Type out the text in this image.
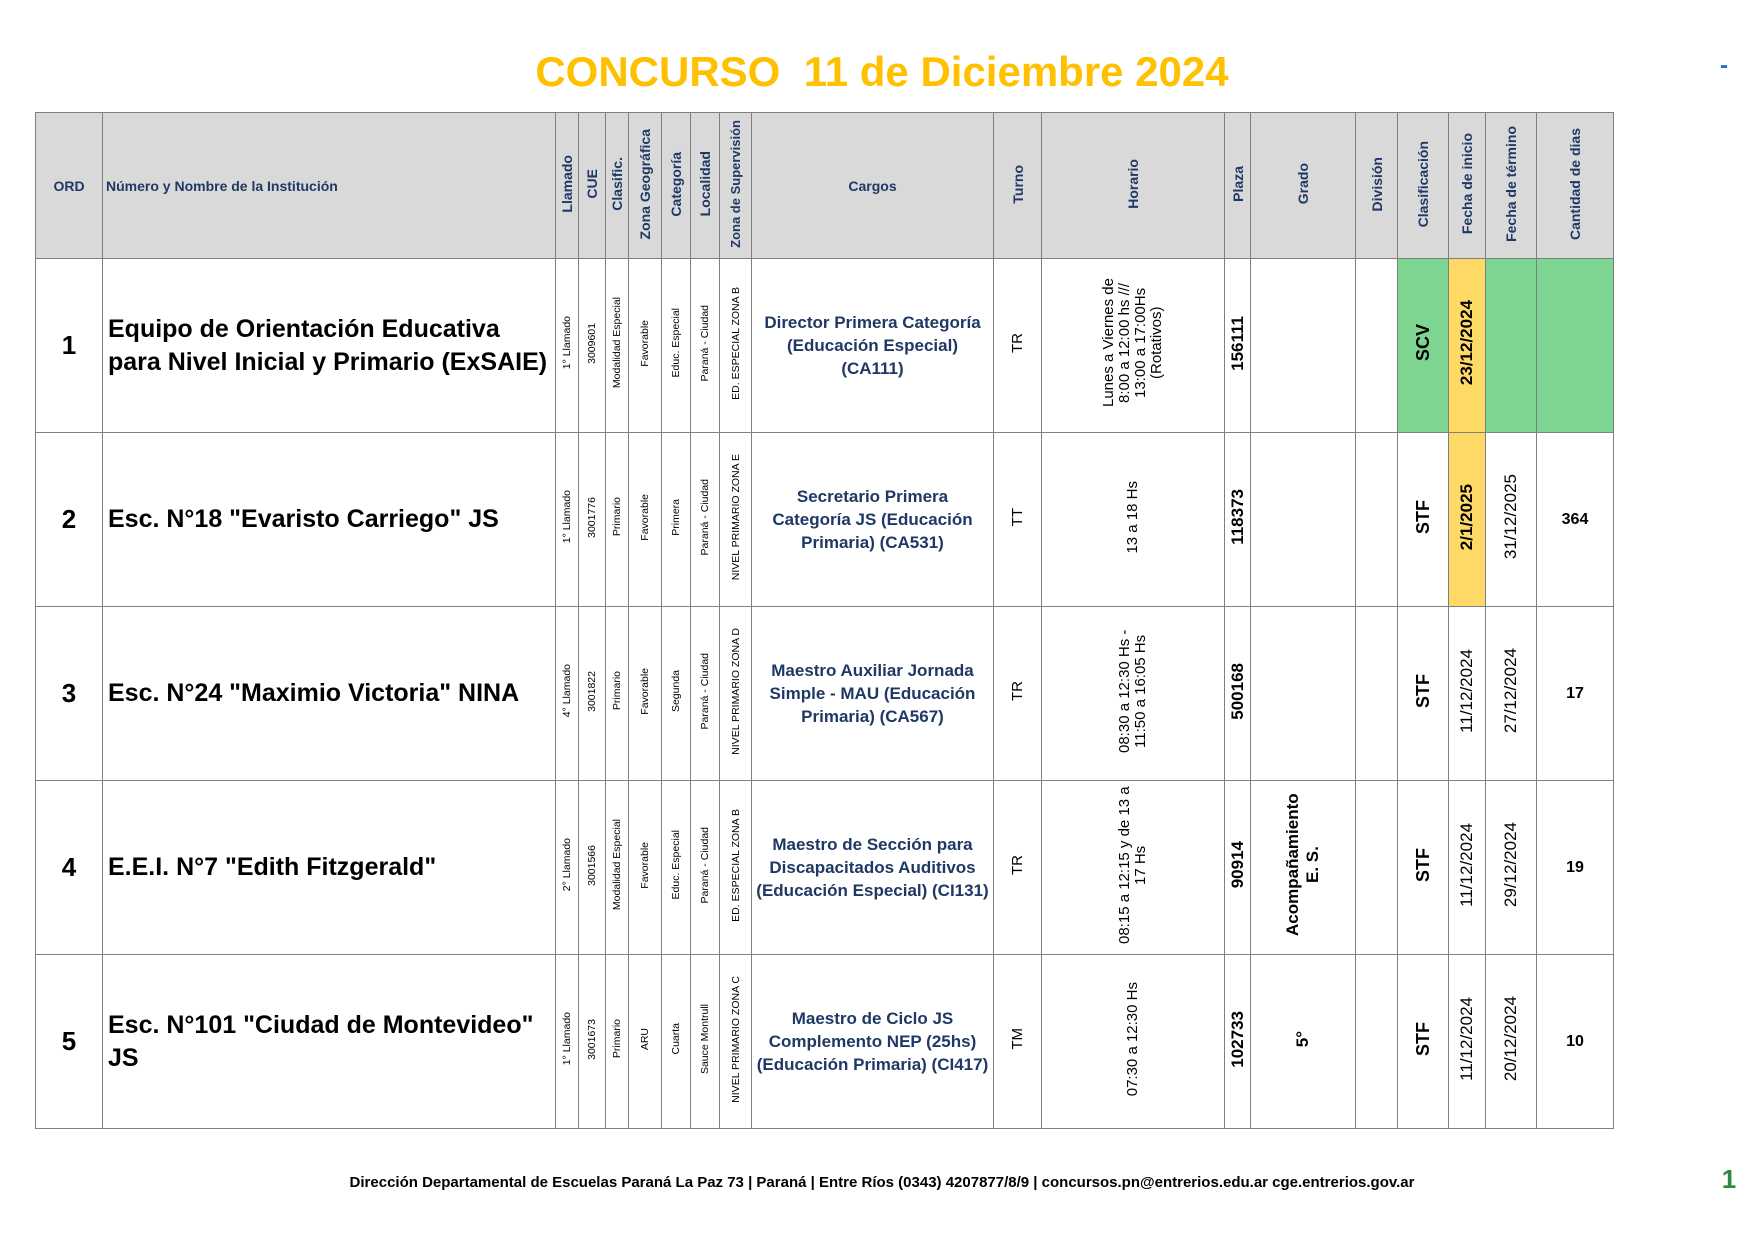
CONCURSO  11 de Diciembre 2024	-
ORD	Número y Nombre de la Institución	Llamado	CUE	Clasific.	Zona Geográfica	Categoría	Localidad	Zona de Supervisión	Cargos	Turno	Horario	Plaza	Grado	División	Clasificación	Fecha de inicio	Fecha de término	Cantidad de dias
1	Equipo de Orientación Educativa para Nivel Inicial y Primario (ExSAIE)	1° Llamado	3009601	Modalidad Especial	Favorable	Educ. Especial	Paraná - Ciudad	ED. ESPECIAL ZONA B	Director Primera Categoría (Educación Especial) (CA111)	TR	Lunes a Viernes de 8:00 a 12:00 hs /// 13:00 a 17:00Hs (Rotativos)	156111			SCV	23/12/2024		
2	Esc. N°18 "Evaristo Carriego" JS	1° Llamado	3001776	Primario	Favorable	Primera	Paraná - Ciudad	NIVEL PRIMARIO ZONA E	Secretario Primera Categoría JS (Educación Primaria) (CA531)	TT	13 a 18 Hs	118373			STF	2/1/2025	31/12/2025	364
3	Esc. N°24 "Maximio Victoria" NINA	4° Llamado	3001822	Primario	Favorable	Segunda	Paraná - Ciudad	NIVEL PRIMARIO ZONA D	Maestro Auxiliar Jornada Simple - MAU (Educación Primaria) (CA567)	TR	08:30 a 12:30 Hs - 11:50 a 16:05 Hs	500168			STF	11/12/2024	27/12/2024	17
4	E.E.I. N°7 "Edith Fitzgerald"	2° Llamado	3001566	Modalidad Especial	Favorable	Educ. Especial	Paraná - Ciudad	ED. ESPECIAL ZONA B	Maestro de Sección para Discapacitados Auditivos (Educación Especial) (CI131)	TR	08:15 a 12:15 y de 13 a 17 Hs	90914	Acompañamiento E. S.		STF	11/12/2024	29/12/2024	19
5	Esc. N°101 "Ciudad de Montevideo" JS	1° Llamado	3001673	Primario	ARU	Cuarta	Sauce Montrull	NIVEL PRIMARIO ZONA C	Maestro de Ciclo JS Complemento NEP (25hs) (Educación Primaria) (CI417)	TM	07:30 a 12:30 Hs	102733	5°		STF	11/12/2024	20/12/2024	10
Dirección Departamental de Escuelas Paraná La Paz 73 | Paraná | Entre Ríos (0343) 4207877/8/9 | concursos.pn@entrerios.edu.ar cge.entrerios.gov.ar	1
